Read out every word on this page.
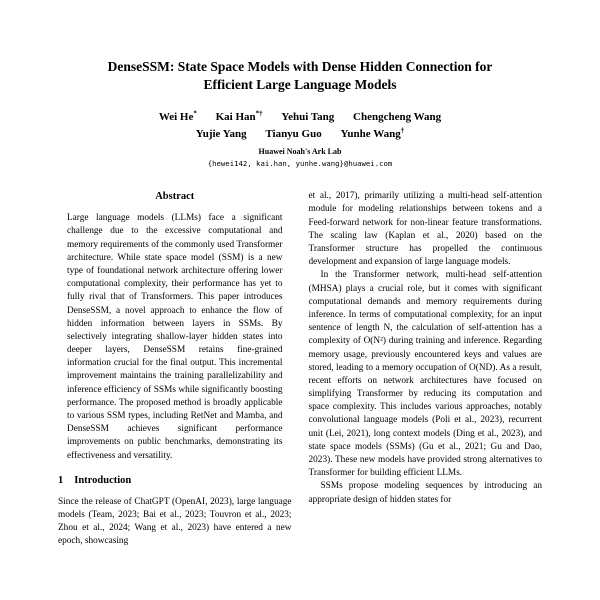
DenseSSM: State Space Models with Dense Hidden Connection for
Efficient Large Language Models
Wei He* Kai Han*† Yehui Tang Chengcheng Wang
Yujie Yang Tianyu Guo Yunhe Wang†
Huawei Noah's Ark Lab
{hewei142, kai.han, yunhe.wang}@huawei.com
Abstract

Large language models (LLMs) face a significant challenge due to the excessive computational and memory requirements of the commonly used Transformer architecture. While state space model (SSM) is a new type of foundational network architecture offering lower computational complexity, their performance has yet to fully rival that of Transformers. This paper introduces DenseSSM, a novel approach to enhance the flow of hidden information between layers in SSMs. By selectively integrating shallow-layer hidden states into deeper layers, DenseSSM retains fine-grained information crucial for the final output. This incremental improvement maintains the training parallelizability and inference efficiency of SSMs while significantly boosting performance. The proposed method is broadly applicable to various SSM types, including RetNet and Mamba, and DenseSSM achieves significant performance improvements on public benchmarks, demonstrating its effectiveness and versatility.

1 Introduction

Since the release of ChatGPT (OpenAI, 2023), large language models (Team, 2023; Bai et al., 2023; Touvron et al., 2023; Zhou et al., 2024; Wang et al., 2023) have entered a new epoch, showcasing

et al., 2017), primarily utilizing a multi-head self-attention module for modeling relationships between tokens and a Feed-forward network for non-linear feature transformations. The scaling law (Kaplan et al., 2020) based on the Transformer structure has propelled the continuous development and expansion of large language models.

In the Transformer network, multi-head self-attention (MHSA) plays a crucial role, but it comes with significant computational demands and memory requirements during inference. In terms of computational complexity, for an input sentence of length N, the calculation of self-attention has a complexity of O(N²) during training and inference. Regarding memory usage, previously encountered keys and values are stored, leading to a memory occupation of O(ND). As a result, recent efforts on network architectures have focused on simplifying Transformer by reducing its computation and space complexity. This includes various approaches, notably convolutional language models (Poli et al., 2023), recurrent unit (Lei, 2021), long context models (Ding et al., 2023), and state space models (SSMs) (Gu et al., 2021; Gu and Dao, 2023). These new models have provided strong alternatives to Transformer for building efficient LLMs.

SSMs propose modeling sequences by introducing an appropriate design of hidden states for
